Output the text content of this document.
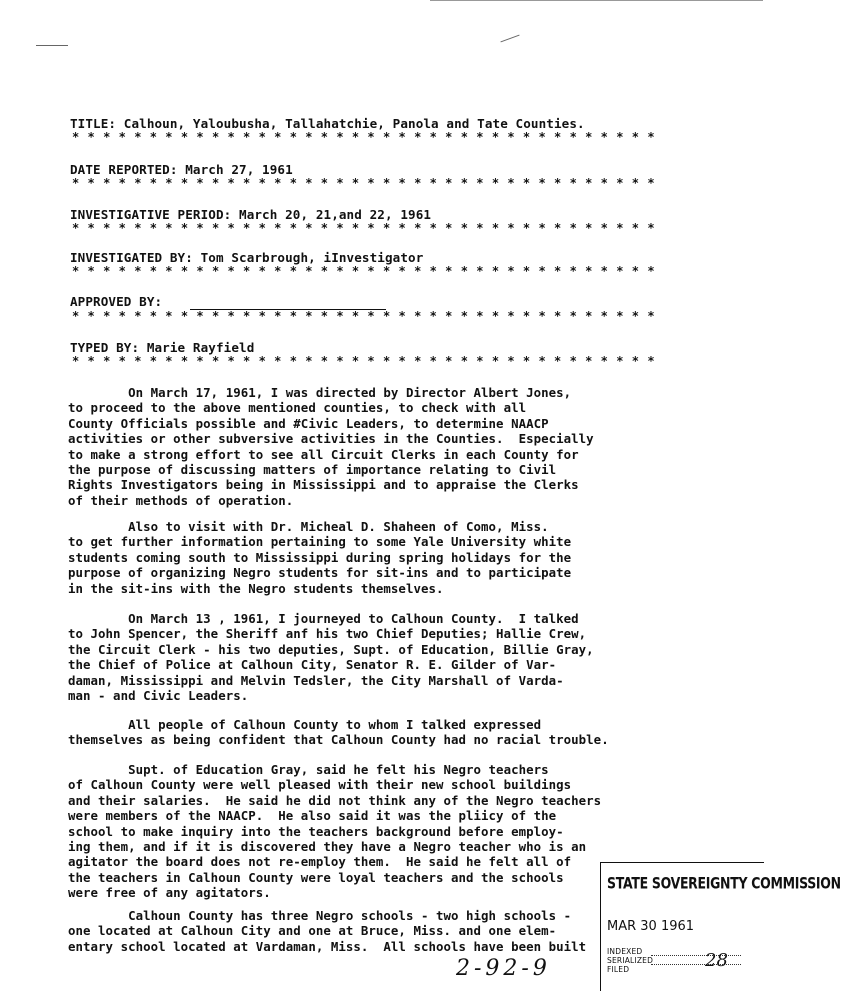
TITLE: Calhoun, Yaloubusha, Tallahatchie, Panola and Tate Counties.
* * * * * * * * * * * * * * * * * * * * * * * * * * * * * * * * * * * * * *
DATE REPORTED: March 27, 1961
* * * * * * * * * * * * * * * * * * * * * * * * * * * * * * * * * * * * * *
INVESTIGATIVE PERIOD: March 20, 21,and 22, 1961
* * * * * * * * * * * * * * * * * * * * * * * * * * * * * * * * * * * * * *
INVESTIGATED BY: Tom Scarbrough, iInvestigator
* * * * * * * * * * * * * * * * * * * * * * * * * * * * * * * * * * * * * *
APPROVED BY:
* * * * * * * * * * * * * * * * * * * * * * * * * * * * * * * * * * * * * *
TYPED BY: Marie Rayfield
* * * * * * * * * * * * * * * * * * * * * * * * * * * * * * * * * * * * * *
On March 17, 1961, I was directed by Director Albert Jones,
to proceed to the above mentioned counties, to check with all
County Officials possible and #Civic Leaders, to determine NAACP
activities or other subversive activities in the Counties.  Especially
to make a strong effort to see all Circuit Clerks in each County for
the purpose of discussing matters of importance relating to Civil
Rights Investigators being in Mississippi and to appraise the Clerks
of their methods of operation.
Also to visit with Dr. Micheal D. Shaheen of Como, Miss.
to get further information pertaining to some Yale University white
students coming south to Mississippi during spring holidays for the
purpose of organizing Negro students for sit-ins and to participate
in the sit-ins with the Negro students themselves.
On March 13 , 1961, I journeyed to Calhoun County.  I talked
to John Spencer, the Sheriff anf his two Chief Deputies; Hallie Crew,
the Circuit Clerk - his two deputies, Supt. of Education, Billie Gray,
the Chief of Police at Calhoun City, Senator R. E. Gilder of Var-
daman, Mississippi and Melvin Tedsler, the City Marshall of Varda-
man - and Civic Leaders.
All people of Calhoun County to whom I talked expressed
themselves as being confident that Calhoun County had no racial trouble.
Supt. of Education Gray, said he felt his Negro teachers
of Calhoun County were well pleased with their new school buildings
and their salaries.  He said he did not think any of the Negro teachers
were members of the NAACP.  He also said it was the pliicy of the
school to make inquiry into the teachers background before employ-
ing them, and if it is discovered they have a Negro teacher who is an
agitator the board does not re-employ them.  He said he felt all of
the teachers in Calhoun County were loyal teachers and the schools
were free of any agitators.
Calhoun County has three Negro schools - two high schools -
one located at Calhoun City and one at Bruce, Miss. and one elem-
entary school located at Vardaman, Miss.  All schools have been built
STATE SOVEREIGNTY COMMISSION
MAR 30 1961
INDEXED
SERIALIZED
FILED
2-92-9	28
